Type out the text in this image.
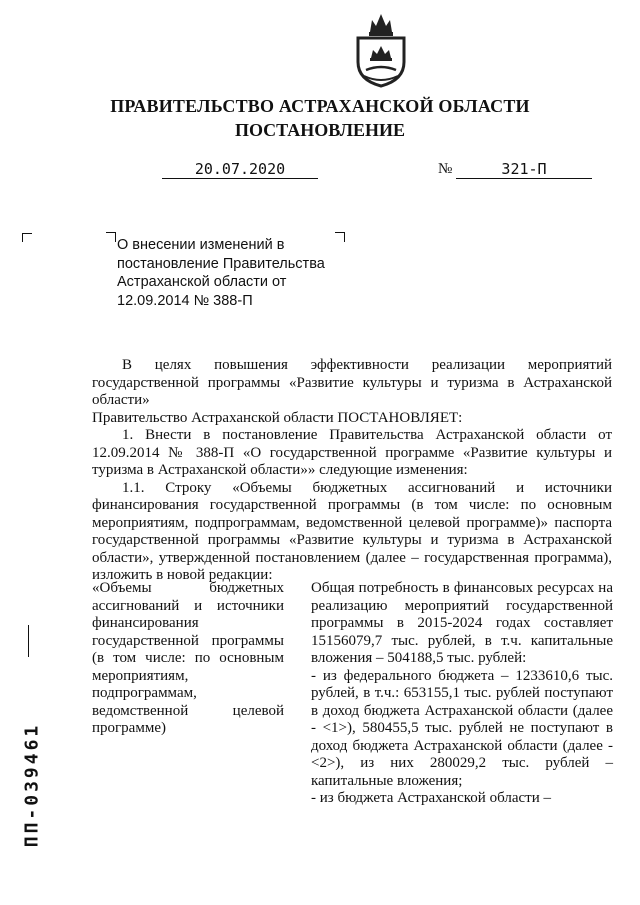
ПРАВИТЕЛЬСТВО АСТРАХАНСКОЙ ОБЛАСТИ
ПОСТАНОВЛЕНИЕ
20.07.2020	№	321-П
О внесении изменений в постановление Правительства Астраханской области от 12.09.2014 № 388-П

В целях повышения эффективности реализации мероприятий государственной программы «Развитие культуры и туризма в Астраханской области»

Правительство Астраханской области ПОСТАНОВЛЯЕТ:

1. Внести в постановление Правительства Астраханской области от 12.09.2014 № 388-П «О государственной программе «Развитие культуры и туризма в Астраханской области»» следующие изменения:

1.1. Строку «Объемы бюджетных ассигнований и источники финансирования государственной программы (в том числе: по основным мероприятиям, подпрограммам, ведомственной целевой программе)» паспорта государственной программы «Развитие культуры и туризма в Астраханской области», утвержденной постановлением (далее – государственная программа), изложить в новой редакции:

«Объемы бюджетных ассигнований и источники финансирования государственной программы (в том числе: по основным мероприятиям, подпрограммам, ведомственной целевой программе)

Общая потребность в финансовых ресурсах на реализацию мероприятий государственной программы в 2015-2024 годах составляет 15156079,7 тыс. рублей, в т.ч. капитальные вложения – 504188,5 тыс. рублей:

- из федерального бюджета – 1233610,6 тыс. рублей, в т.ч.: 653155,1 тыс. рублей поступают в доход бюджета Астраханской области (далее - <1>), 580455,5 тыс. рублей не поступают в доход бюджета Астраханской области (далее - <2>), из них 280029,2 тыс. рублей – капитальные вложения;

- из бюджета Астраханской области –

ПП-039461
